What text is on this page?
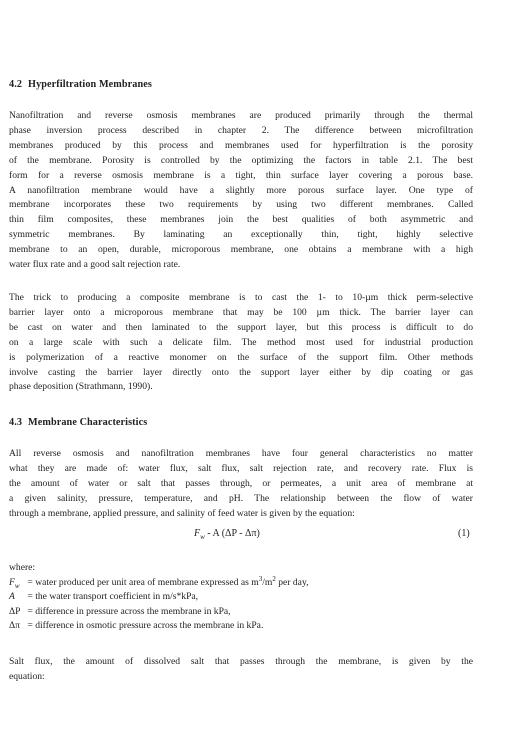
4.2 Hyperfiltration Membranes
Nanofiltration and reverse osmosis membranes are produced primarily through the thermal
phase inversion process described in chapter 2. The difference between microfiltration
membranes produced by this process and membranes used for hyperfiltration is the porosity
of the membrane. Porosity is controlled by the optimizing the factors in table 2.1. The best
form for a reverse osmosis membrane is a tight, thin surface layer covering a porous base.
A nanofiltration membrane would have a slightly more porous surface layer. One type of
membrane incorporates these two requirements by using two different membranes. Called
thin film composites, these membranes join the best qualities of both asymmetric and
symmetric membranes. By laminating an exceptionally thin, tight, highly selective
membrane to an open, durable, microporous membrane, one obtains a membrane with a high
water flux rate and a good salt rejection rate.
The trick to producing a composite membrane is to cast the 1- to 10-µm thick perm-selective
barrier layer onto a microporous membrane that may be 100 µm thick. The barrier layer can
be cast on water and then laminated to the support layer, but this process is difficult to do
on a large scale with such a delicate film. The method most used for industrial production
is polymerization of a reactive monomer on the surface of the support film. Other methods
involve casting the barrier layer directly onto the support layer either by dip coating or gas
phase deposition (Strathmann, 1990).
4.3 Membrane Characteristics
All reverse osmosis and nanofiltration membranes have four general characteristics no matter
what they are made of: water flux, salt flux, salt rejection rate, and recovery rate. Flux is
the amount of water or salt that passes through, or permeates, a unit area of membrane at
a given salinity, pressure, temperature, and pH. The relationship between the flow of water
through a membrane, applied pressure, and salinity of feed water is given by the equation:
$F_w$ - A (ΔP - Δπ)	(1)
where:
$F_w$ = water produced per unit area of membrane expressed as $m^3/m^2$ per day,
A = the water transport coefficient in m/s*kPa,
ΔP = difference in pressure across the membrane in kPa,
Δπ = difference in osmotic pressure across the membrane in kPa.
Salt flux, the amount of dissolved salt that passes through the membrane, is given by the
equation:
